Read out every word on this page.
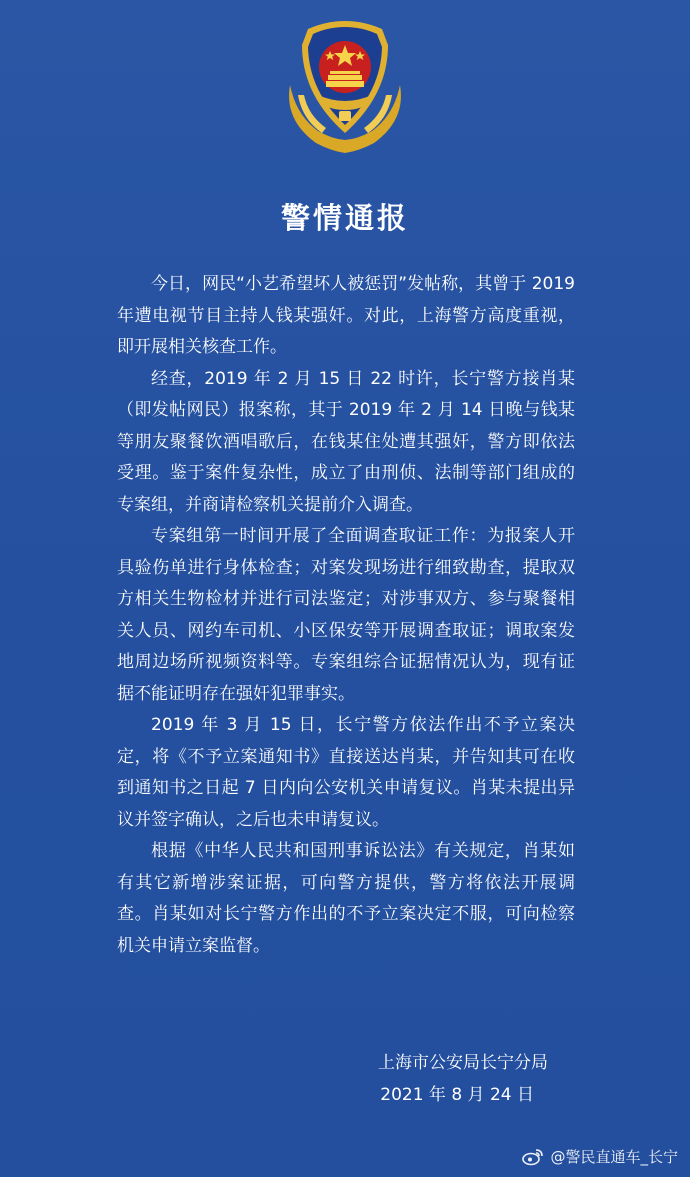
警情通报

今日，网民“小艺希望坏人被惩罚”发帖称，其曾于 2019 年遭电视节目主持人钱某强奸。对此，上海警方高度重视，即开展相关核查工作。

经查，2019 年 2 月 15 日 22 时许，长宁警方接肖某（即发帖网民）报案称，其于 2019 年 2 月 14 日晚与钱某等朋友聚餐饮酒唱歌后，在钱某住处遭其强奸，警方即依法受理。鉴于案件复杂性，成立了由刑侦、法制等部门组成的专案组，并商请检察机关提前介入调查。

专案组第一时间开展了全面调查取证工作：为报案人开具验伤单进行身体检查；对案发现场进行细致勘查，提取双方相关生物检材并进行司法鉴定；对涉事双方、参与聚餐相关人员、网约车司机、小区保安等开展调查取证；调取案发地周边场所视频资料等。专案组综合证据情况认为，现有证据不能证明存在强奸犯罪事实。

2019 年 3 月 15 日，长宁警方依法作出不予立案决定，将《不予立案通知书》直接送达肖某，并告知其可在收到通知书之日起 7 日内向公安机关申请复议。肖某未提出异议并签字确认，之后也未申请复议。

根据《中华人民共和国刑事诉讼法》有关规定，肖某如有其它新增涉案证据，可向警方提供，警方将依法开展调查。肖某如对长宁警方作出的不予立案决定不服，可向检察机关申请立案监督。

上海市公安局长宁分局
2021 年 8 月 24 日
@警民直通车_长宁
